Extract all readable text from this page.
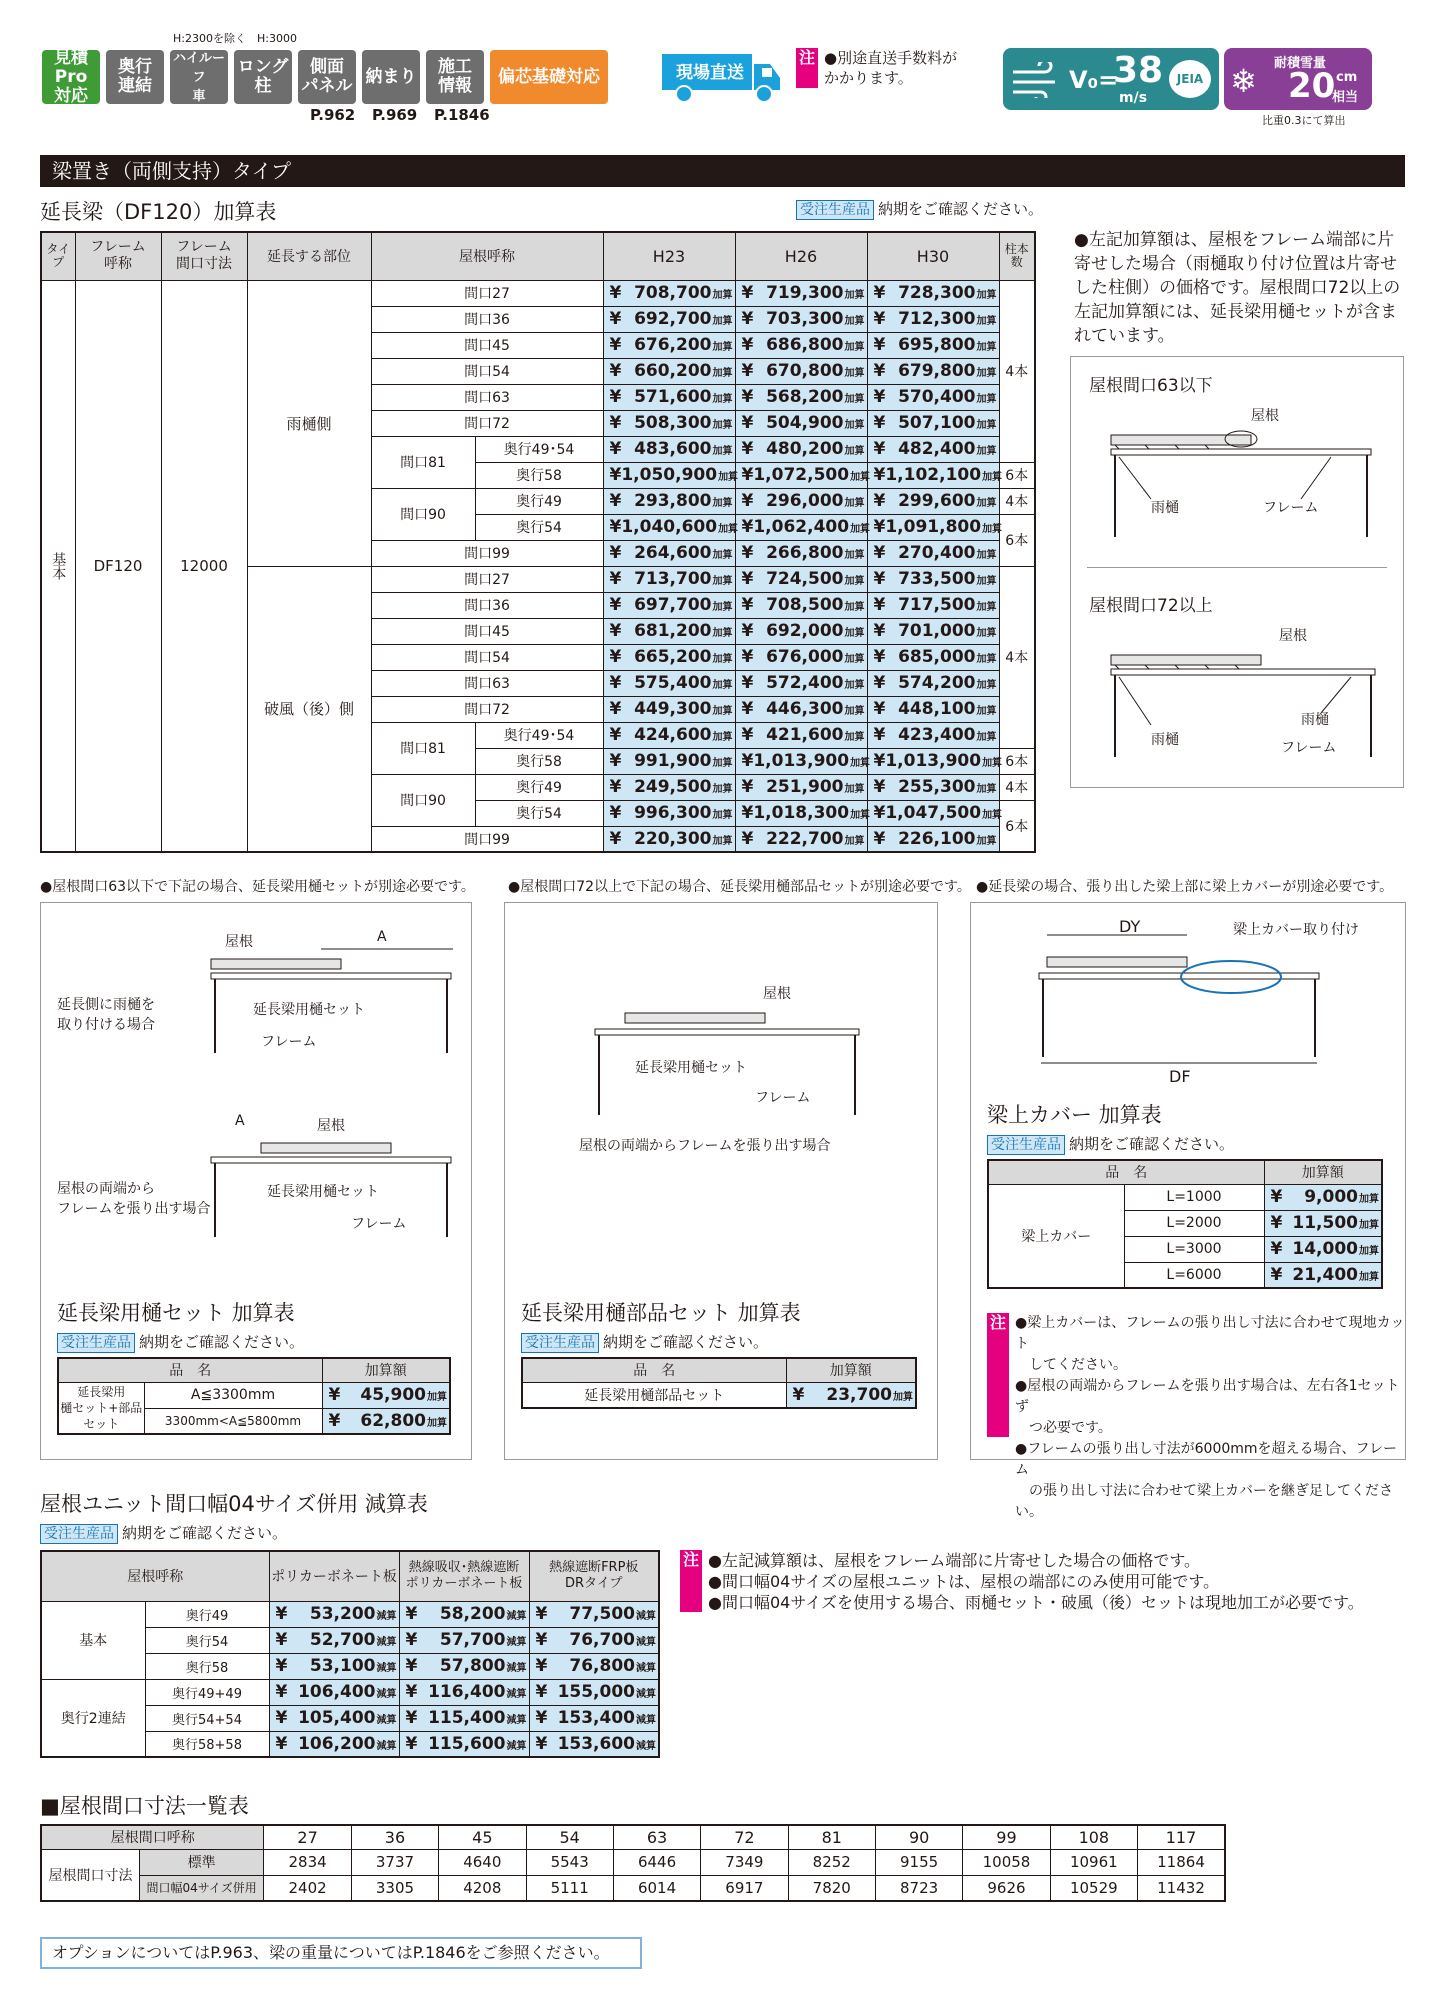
見積Pro
対応
奥行
連結
ハイルーフ
車
ロング
柱
側面
パネル 納まり	施工
情報	偏芯基礎対応
H:2300を除く　H:3000
P.962 P.969 P.1846
現場直送
注 ●別途直送手数料が
かかります。	V₀=
38
m/s
JEIA ❄ 耐積雪量
20 cm
相当
比重0.3にて算出
梁置き（両側支持）タイプ
延長梁（DF120）加算表	受注生産品 納期をご確認ください。
タイプ	フレーム
呼称	フレーム
間口寸法	延長する部位	屋根呼称		H23	H26	H30	柱本数
基本	DF120	12000	雨樋側	間口27		¥ 708,700加算	¥ 719,300加算	¥ 728,300加算	4本
				間口36		¥ 692,700加算	¥ 703,300加算	¥ 712,300加算	
				間口45		¥ 676,200加算	¥ 686,800加算	¥ 695,800加算	
				間口54		¥ 660,200加算	¥ 670,800加算	¥ 679,800加算	
				間口63		¥ 571,600加算	¥ 568,200加算	¥ 570,400加算	
				間口72		¥ 508,300加算	¥ 504,900加算	¥ 507,100加算	
				間口81	奥行49･54	¥ 483,600加算	¥ 480,200加算	¥ 482,400加算	
					奥行58	¥ 1,050,900加算	¥ 1,072,500加算	¥ 1,102,100加算	6本
				間口90	奥行49	¥ 293,800加算	¥ 296,000加算	¥ 299,600加算	4本
					奥行54	¥ 1,040,600加算	¥ 1,062,400加算	¥ 1,091,800加算	6本
				間口99		¥ 264,600加算	¥ 266,800加算	¥ 270,400加算	
			破風（後）側	間口27		¥ 713,700加算	¥ 724,500加算	¥ 733,500加算	4本
				間口36		¥ 697,700加算	¥ 708,500加算	¥ 717,500加算	
				間口45		¥ 681,200加算	¥ 692,000加算	¥ 701,000加算	
				間口54		¥ 665,200加算	¥ 676,000加算	¥ 685,000加算	
				間口63		¥ 575,400加算	¥ 572,400加算	¥ 574,200加算	
				間口72		¥ 449,300加算	¥ 446,300加算	¥ 448,100加算	
				間口81	奥行49･54	¥ 424,600加算	¥ 421,600加算	¥ 423,400加算	
					奥行58	¥ 991,900加算	¥ 1,013,900加算	¥ 1,013,900加算	6本
				間口90	奥行49	¥ 249,500加算	¥ 251,900加算	¥ 255,300加算	4本
					奥行54	¥ 996,300加算	¥ 1,018,300加算	¥ 1,047,500加算	6本
				間口99		¥ 220,300加算	¥ 222,700加算	¥ 226,100加算	
●左記加算額は、屋根をフレーム端部に片寄せした場合（雨樋取り付け位置は片寄せした柱側）の価格です。屋根間口72以上の左記加算額には、延長梁用樋セットが含まれています。
屋根間口63以下
屋根
雨樋	フレーム
屋根間口72以上
屋根
雨樋
雨樋	フレーム
●屋根間口63以下で下記の場合、延長梁用樋セットが別途必要です。 ●屋根間口72以上で下記の場合、延長梁用樋部品セットが別途必要です。 ●延長梁の場合、張り出した梁上部に梁上カバーが別途必要です。
屋根	A
延長側に雨樋を
取り付ける場合
延長梁用樋セット
フレーム
A	屋根
屋根の両端から
フレームを張り出す場合
延長梁用樋セット
フレーム
延長梁用樋セット 加算表
受注生産品 納期をご確認ください。
品　名		加算額
延長梁用
樋セット+部品セット	A≦3300mm	¥ 45,900加算
	3300mm<A≦5800mm	¥ 62,800加算
屋根
延長梁用樋セット
フレーム
屋根の両端からフレームを張り出す場合
延長梁用樋部品セット 加算表
受注生産品 納期をご確認ください。
品　名	加算額
延長梁用樋部品セット	¥ 23,700加算
DY	梁上カバー取り付け
DF
梁上カバー 加算表
受注生産品 納期をご確認ください。
品　名		加算額
梁上カバー	L=1000	¥ 9,000加算
	L=2000	¥ 11,500加算
	L=3000	¥ 14,000加算
	L=6000	¥ 21,400加算
注 ●梁上カバーは、フレームの張り出し寸法に合わせて現地カット
　してください。
●屋根の両端からフレームを張り出す場合は、左右各1セットず
　つ必要です。
●フレームの張り出し寸法が6000mmを超える場合、フレーム
　の張り出し寸法に合わせて梁上カバーを継ぎ足してください。
屋根ユニット間口幅04サイズ併用 減算表
受注生産品 納期をご確認ください。
屋根呼称		ポリカーボネート板	熱線吸収･熱線遮断
ポリカーボネート板	熱線遮断FRP板
DRタイプ
基本	奥行49	¥ 53,200減算	¥ 58,200減算	¥ 77,500減算
	奥行54	¥ 52,700減算	¥ 57,700減算	¥ 76,700減算
	奥行58	¥ 53,100減算	¥ 57,800減算	¥ 76,800減算
奥行2連結	奥行49+49	¥ 106,400減算	¥ 116,400減算	¥ 155,000減算
	奥行54+54	¥ 105,400減算	¥ 115,400減算	¥ 153,400減算
	奥行58+58	¥ 106,200減算	¥ 115,600減算	¥ 153,600減算
注 ●左記減算額は、屋根をフレーム端部に片寄せした場合の価格です。
●間口幅04サイズの屋根ユニットは、屋根の端部にのみ使用可能です。
●間口幅04サイズを使用する場合、雨樋セット・破風（後）セットは現地加工が必要です。
■屋根間口寸法一覧表
屋根間口呼称		27	36	45	54	63	72	81	90	99	108	117
屋根間口寸法	標準	2834	3737	4640	5543	6446	7349	8252	9155	10058	10961	11864
	間口幅04サイズ併用	2402	3305	4208	5111	6014	6917	7820	8723	9626	10529	11432
オプションについてはP.963、梁の重量についてはP.1846をご参照ください。
